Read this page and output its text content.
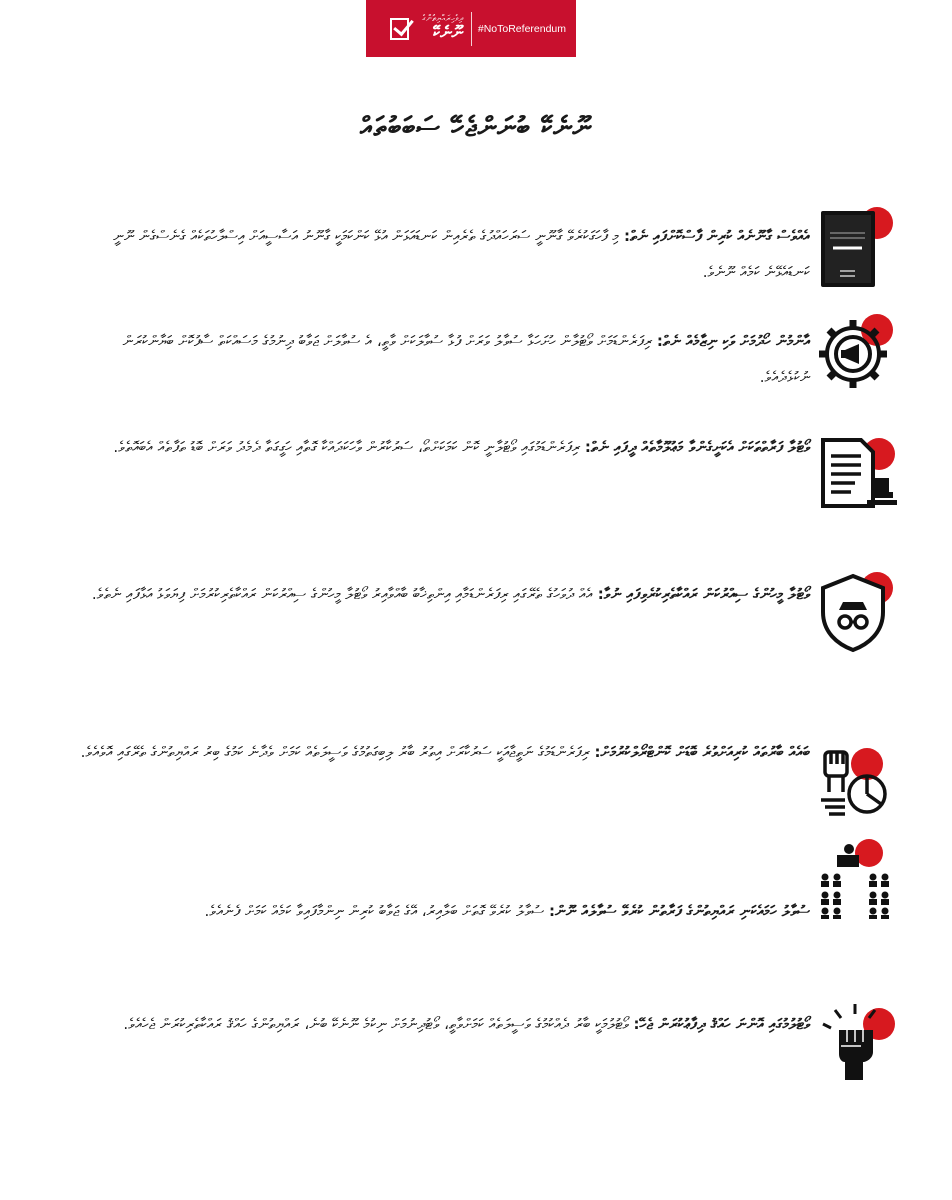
ދިވެހިރައްޔިތުންގެ
ނޫނެކޭ #NoToReferendum
ނޫނެކޭ ބުނަންޖެހޭ ސަބަބުތައް
އެއްވެސް ގާނޫނެއް ކުރިން ފާސްކޮށްފައި ނެތް: މި ފާހަގަކުރެވޭ ގާނޫނީ ސަރަހައްދުގެ ތެރެއިން ކަނޑައަޅަން އުޅޭ ކަންކަމަކީ ގާނޫނު އަސާސީއަށް އިސްލާހުތަކެއް ގެނެސްގެން ނޫނީ ކަނޑައެޅޭނެ ކަމެއް ނޫނެވެ.
އާންމުން ހޯދުމަށް ވަކި ނިޒާމެއް ނެތް: ރިފަރެންޑަމަށް ވޯޓުލާން ހުށަހަޅާ ސުވާލު ވަރަށް ފުޅާ ސުވާލަކަށް ވާތީ، އެ ސުވާލަށް ޖަވާބު ދިނުމުގެ މަސައްކަތް ސާފުކޮށް ބަޔާންކުރަން ނުކުޅެދެއެވެ.
ވޯޓުލާ ފަރާތްތަކަށް އެކަށީގެންވާ މަޢުލޫމާތެއް ދީފައި ނެތް: ރިފަރެންޑަމުގައި ވޯޓުލާނީ ކޮން ކަމަކަށްތޯ، ސަރުކާރުން ވާހަކަދައްކާ ގޮތާއި ހަގީގަތާ ދެމެދު ވަރަށް ބޮޑު ތަފާތެއް އެބައޮތެވެ.
ވޯޓުލާ މީހުންގެ ސިއްރުކަން ރައްކާތެރިކުރެވިފައި ނުވާ: އެއް ދުވަހުގެ ތެރޭގައި ރިފަރެންޑަމާއި އިންތިޚާބު ބާއްވާއިރު ވޯޓުލާ މީހުންގެ ސިއްރުކަން ރައްކާތެރިކުރުމަށް ފިޔަވަޅު އަޅާފައި ނެތެވެ.
ބައެއް ބާރުތައް ކުރިއަށްވުރެ ބޮޑަށް ކޮންޓްރޯލްކުރުމަށް: ރިފަރެންޑަމުގެ ނަތީޖާއަކީ ސަރުކާރަށް އިތުރު ބާރު ލިބިގަތުމުގެ ވަސީލަތެއް ކަމަށް ވެދާނެ ކަމުގެ ބިރު ރައްޔިތުންގެ ތެރޭގައި އޮވެއެވެ.
ސުވާލު ހަމައެކަނި ރައްޔިތުންގެ ފަރާތުން ކުރެވޭ ސުވާލެއް ނޫން: ސުވާލު ކުރެވޭ ގޮތަށް ބަލާއިރު، އޭގެ ޖަވާބު ކުރިން ނިންމާފައިވާ ކަމެއް ކަމަށް ފެނެއެވެ.
ވޯޓުލުމުގައި އޮންނަ ހައްޤު ދިފާޢުކުރަން ޖެހޭ: ވޯޓުލުމަކީ ބާރު ދެއްކުމުގެ ވަސީލަތެއް ކަމަށްވާތީ، ވޯޓުދިނުމަށް ނިކުމެ ނޫނެކޭ ބުނެ، ރައްޔިތުންގެ ހައްޤު ރައްކާތެރިކުރަން ޖެހެއެވެ.
